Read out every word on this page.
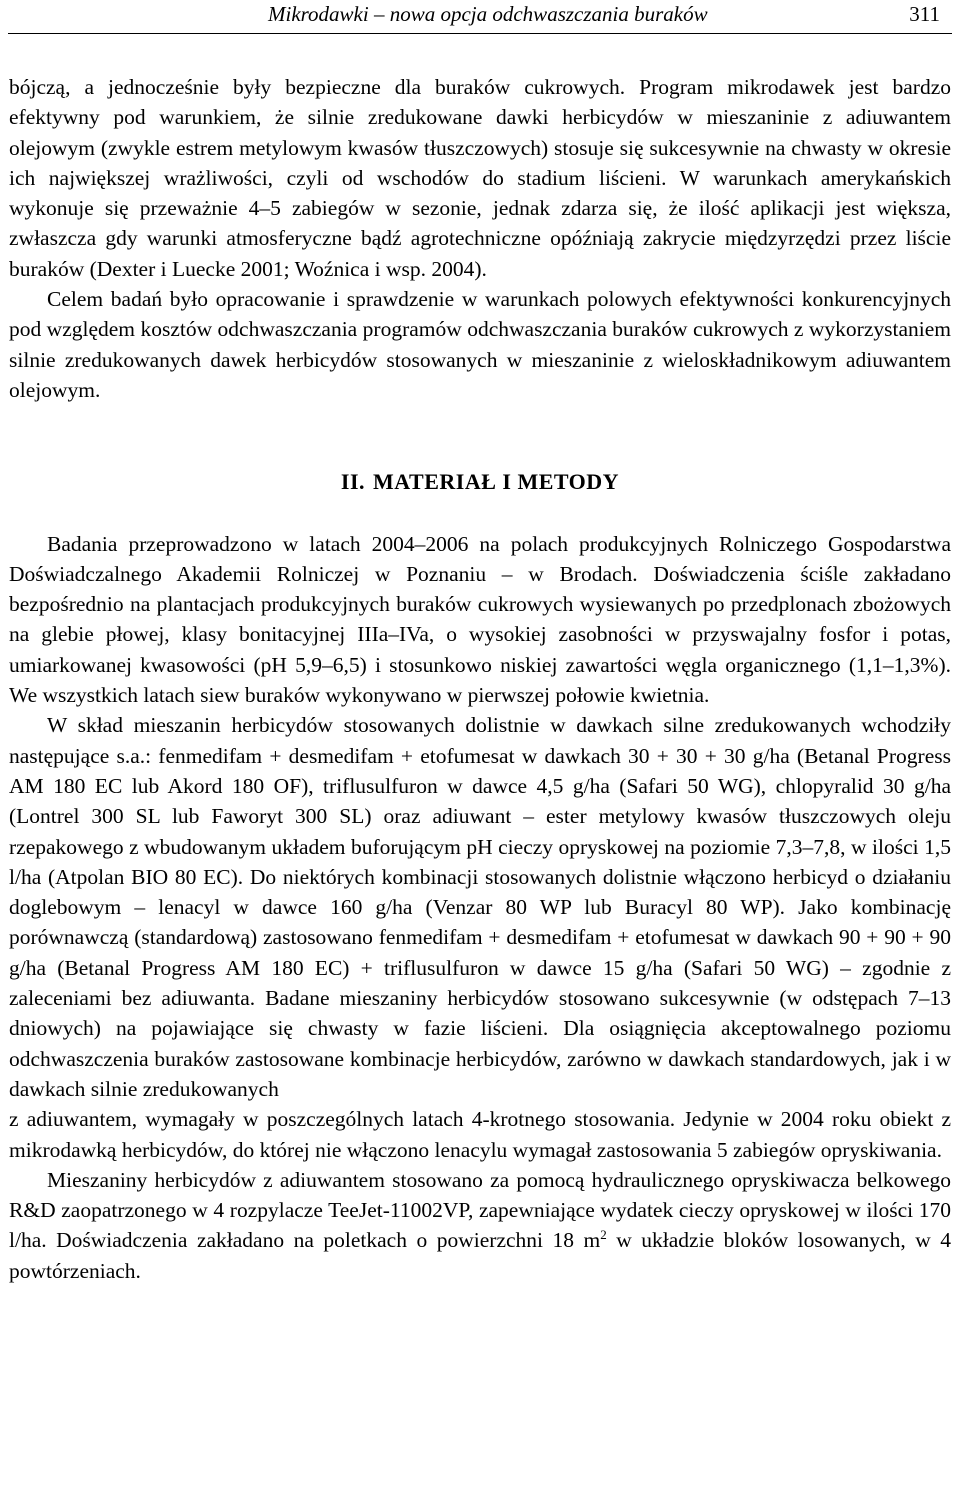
Mikrodawki – nowa opcja odchwaszczania buraków	311

bójczą, a jednocześnie były bezpieczne dla buraków cukrowych. Program mikrodawek jest bardzo efektywny pod warunkiem, że silnie zredukowane dawki herbicydów w mieszaninie z adiuwantem olejowym (zwykle estrem metylowym kwasów tłuszczowych) stosuje się sukcesywnie na chwasty w okresie ich największej wrażliwości, czyli od wschodów do stadium liścieni. W warunkach amerykańskich wykonuje się przeważnie 4–5 zabiegów w sezonie, jednak zdarza się, że ilość aplikacji jest większa, zwłaszcza gdy warunki atmosferyczne bądź agrotechniczne opóźniają zakrycie międzyrzędzi przez liście buraków (Dexter i Luecke 2001; Woźnica i wsp. 2004).

Celem badań było opracowanie i sprawdzenie w warunkach polowych efektywności konkurencyjnych pod względem kosztów odchwaszczania programów odchwaszczania buraków cukrowych z wykorzystaniem silnie zredukowanych dawek herbicydów stosowanych w mieszaninie z wieloskładnikowym adiuwantem olejowym.

II. MATERIAŁ I METODY

Badania przeprowadzono w latach 2004–2006 na polach produkcyjnych Rolniczego Gospodarstwa Doświadczalnego Akademii Rolniczej w Poznaniu – w Brodach. Doświadczenia ściśle zakładano bezpośrednio na plantacjach produkcyjnych buraków cukrowych wysiewanych po przedplonach zbożowych na glebie płowej, klasy bonitacyjnej IIIa–IVa, o wysokiej zasobności w przyswajalny fosfor i potas, umiarkowanej kwasowości (pH 5,9–6,5) i stosunkowo niskiej zawartości węgla organicznego (1,1–1,3%). We wszystkich latach siew buraków wykonywano w pierwszej połowie kwietnia.

W skład mieszanin herbicydów stosowanych dolistnie w dawkach silne zredukowanych wchodziły następujące s.a.: fenmedifam + desmedifam + etofumesat w dawkach 30 + 30 + 30 g/ha (Betanal Progress AM 180 EC lub Akord 180 OF), triflusulfuron w dawce 4,5 g/ha (Safari 50 WG), chlopyralid 30 g/ha (Lontrel 300 SL lub Faworyt 300 SL) oraz adiuwant – ester metylowy kwasów tłuszczowych oleju rzepakowego z wbudowanym układem buforującym pH cieczy opryskowej na poziomie 7,3–7,8, w ilości 1,5 l/ha (Atpolan BIO 80 EC). Do niektórych kombinacji stosowanych dolistnie włączono herbicyd o działaniu doglebowym – lenacyl w dawce 160 g/ha (Venzar 80 WP lub Buracyl 80 WP). Jako kombinację porównawczą (standardową) zastosowano fenmedifam + desmedifam + etofumesat w dawkach 90 + 90 + 90 g/ha (Betanal Progress AM 180 EC) + triflusulfuron w dawce 15 g/ha (Safari 50 WG) – zgodnie z zaleceniami bez adiuwanta. Badane mieszaniny herbicydów stosowano sukcesywnie (w odstępach 7–13 dniowych) na pojawiające się chwasty w fazie liścieni. Dla osiągnięcia akceptowalnego poziomu odchwaszczenia buraków zastosowane kombinacje herbicydów, zarówno w dawkach standardowych, jak i w dawkach silnie zredukowanych

z adiuwantem, wymagały w poszczególnych latach 4-krotnego stosowania. Jedynie w 2004 roku obiekt z mikrodawką herbicydów, do której nie włączono lenacylu wymagał zastosowania 5 zabiegów opryskiwania.

Mieszaniny herbicydów z adiuwantem stosowano za pomocą hydraulicznego opryskiwacza belkowego R&D zaopatrzonego w 4 rozpylacze TeeJet-11002VP, zapewniające wydatek cieczy opryskowej w ilości 170 l/ha. Doświadczenia zakładano na poletkach o powierzchni 18 $m^2$ w układzie bloków losowanych, w 4 powtórzeniach.
